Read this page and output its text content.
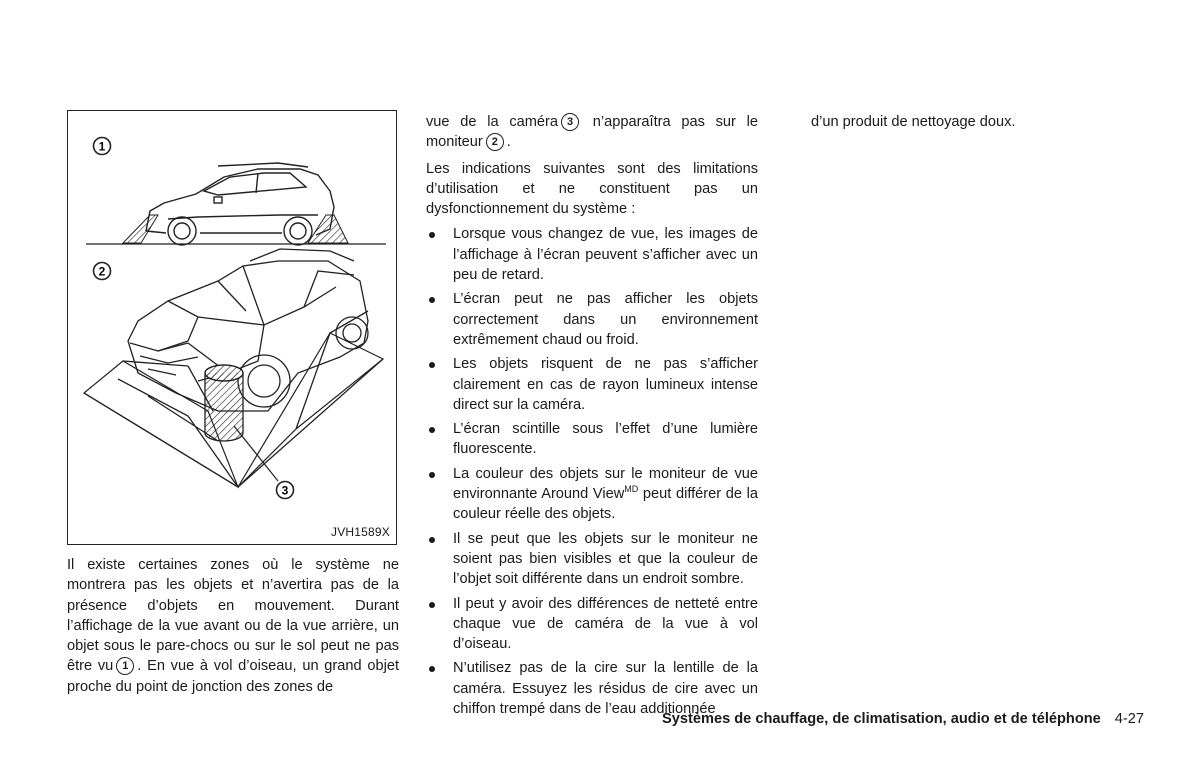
1
2
3
JVH1589X

Il existe certaines zones où le système ne montrera pas les objets et n’avertira pas de la présence d’objets en mouvement. Durant l’affichage de la vue avant ou de la vue arrière, un objet sous le pare-chocs ou sur le sol peut ne pas être vu 1 . En vue à vol d’oiseau, un grand objet proche du point de jonction des zones de

vue de la caméra 3 n’apparaîtra pas sur le moniteur 2 .

Les indications suivantes sont des limitations d’utilisation et ne constituent pas un dysfonctionnement du système :

Lorsque vous changez de vue, les images de l’affichage à l’écran peuvent s’afficher avec un peu de retard.
L’écran peut ne pas afficher les objets correctement dans un environnement extrêmement chaud ou froid.
Les objets risquent de ne pas s’afficher clairement en cas de rayon lumineux intense direct sur la caméra.
L’écran scintille sous l’effet d’une lumière fluorescente.
La couleur des objets sur le moniteur de vue environnante Around View$^{MD}$ peut différer de la couleur réelle des objets.
Il se peut que les objets sur le moniteur ne soient pas bien visibles et que la couleur de l’objet soit différente dans un endroit sombre.
Il peut y avoir des différences de netteté entre chaque vue de caméra de la vue à vol d’oiseau.
N’utilisez pas de la cire sur la lentille de la caméra. Essuyez les résidus de cire avec un chiffon trempé dans de l’eau additionnée

d’un produit de nettoyage doux.

Systèmes de chauffage, de climatisation, audio et de téléphone 4-27
